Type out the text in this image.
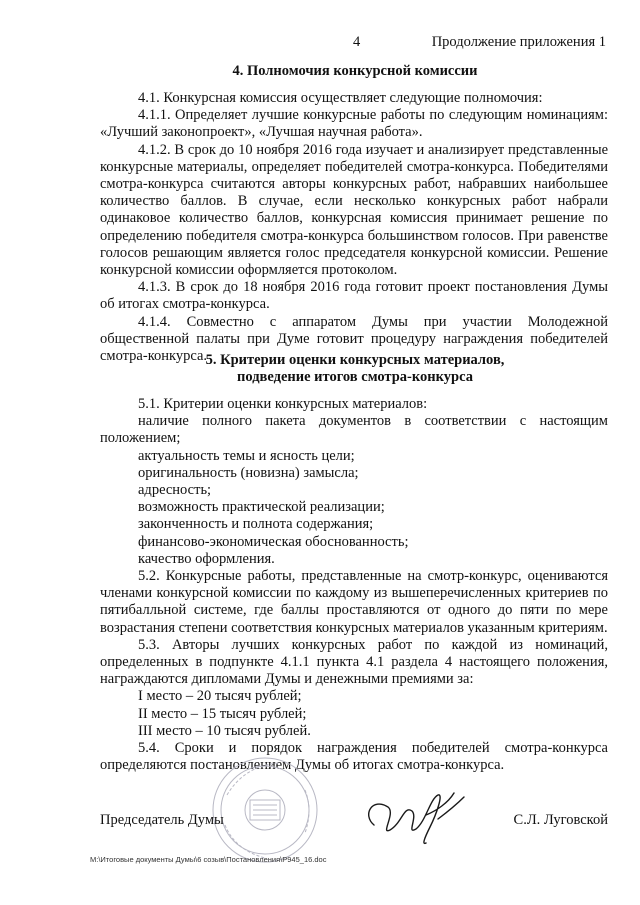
4	Продолжение приложения 1
4. Полномочия конкурсной комиссии

4.1. Конкурсная комиссия осуществляет следующие полномочия:

4.1.1. Определяет лучшие конкурсные работы по следующим номинациям: «Лучший законопроект», «Лучшая научная работа».

4.1.2. В срок до 10 ноября 2016 года изучает и анализирует представленные конкурсные материалы, определяет победителей смотра-конкурса. Победителями смотра-конкурса считаются авторы конкурсных работ, набравших наибольшее количество баллов. В случае, если несколько конкурсных работ набрали одинаковое количество баллов, конкурсная комиссия принимает решение по определению победителя смотра-конкурса большинством голосов. При равенстве голосов решающим является голос председателя конкурсной комиссии. Решение конкурсной комиссии оформляется протоколом.

4.1.3. В срок до 18 ноября 2016 года готовит проект постановления Думы об итогах смотра-конкурса.

4.1.4. Совместно с аппаратом Думы при участии Молодежной общественной палаты при Думе готовит процедуру награждения победителей смотра-конкурса.

5. Критерии оценки конкурсных материалов,
подведение итогов смотра-конкурса

5.1. Критерии оценки конкурсных материалов:

наличие полного пакета документов в соответствии с настоящим положением;

актуальность темы и ясность цели;

оригинальность (новизна) замысла;

адресность;

возможность практической реализации;

законченность и полнота содержания;

финансово-экономическая обоснованность;

качество оформления.

5.2. Конкурсные работы, представленные на смотр-конкурс, оцениваются членами конкурсной комиссии по каждому из вышеперечисленных критериев по пятибалльной системе, где баллы проставляются от одного до пяти по мере возрастания степени соответствия конкурсных материалов указанным критериям.

5.3. Авторы лучших конкурсных работ по каждой из номинаций, определенных в подпункте 4.1.1 пункта 4.1 раздела 4 настоящего положения, награждаются дипломами Думы и денежными премиями за:

I место – 20 тысяч рублей;

II место – 15 тысяч рублей;

III место – 10 тысяч рублей.

5.4. Сроки и порядок награждения победителей смотра-конкурса определяются постановлением Думы об итогах смотра-конкурса.

Председатель Думы	С.Л. Луговской
М:\Итоговые документы Думы\6 созыв\Постановления\Р945_16.doc
